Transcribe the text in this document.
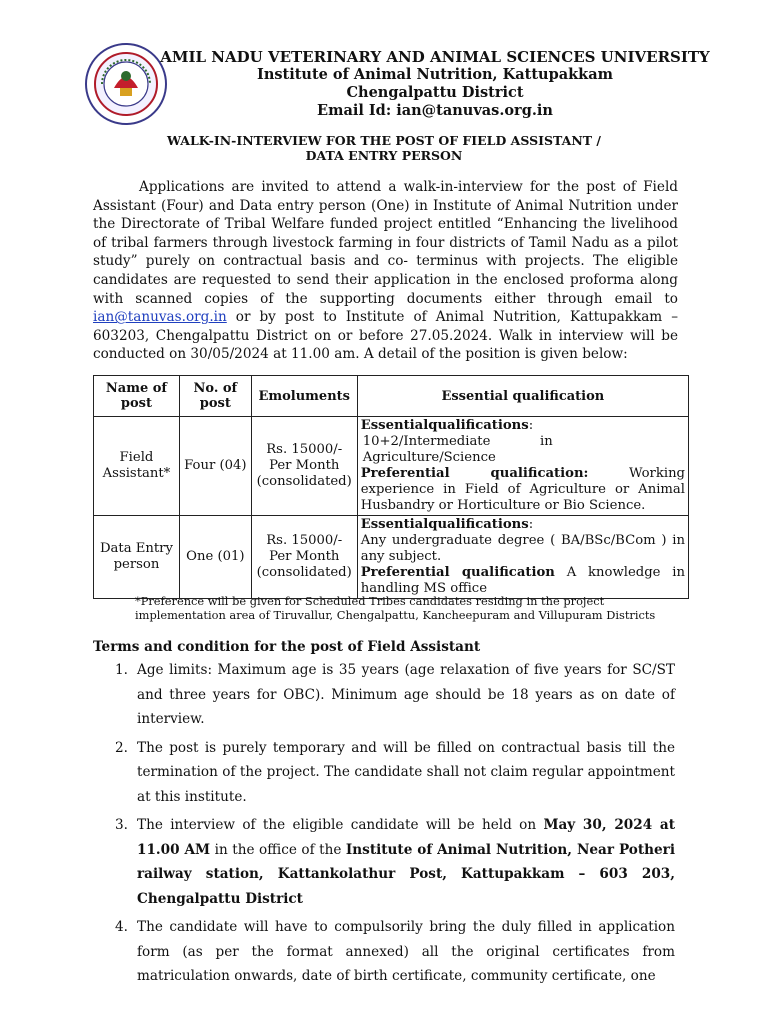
AMIL NADU VETERINARY AND ANIMAL SCIENCES UNIVERSITY
Institute of Animal Nutrition, Kattupakkam
Chengalpattu District
Email Id: ian@tanuvas.org.in
WALK-IN-INTERVIEW FOR THE POST OF FIELD ASSISTANT /
DATA ENTRY PERSON
Applications are invited to attend a walk-in-interview for the post of Field Assistant (Four) and Data entry person (One) in Institute of Animal Nutrition under the Directorate of Tribal Welfare funded project entitled “Enhancing the livelihood of tribal farmers through livestock farming in four districts of Tamil Nadu as a pilot study” purely on contractual basis and co- terminus with projects. The eligible candidates are requested to send their application in the enclosed proforma along with scanned copies of the supporting documents either through email to ian@tanuvas.org.in or by post to Institute of Animal Nutrition, Kattupakkam – 603203, Chengalpattu District on or before 27.05.2024. Walk in interview will be conducted on 30/05/2024 at 11.00 am. A detail of the position is given below:
Name of post	No. of post	Emoluments	Essential qualification
Field Assistant*	Four (04)	Rs. 15000/- Per Month (consolidated)	Essentialqualifications:
10+2/Intermediate in Agriculture/Science
Preferential qualification: Working experience in Field of Agriculture or Animal Husbandry or Horticulture or Bio Science.

Data Entry person	One (01)	Rs. 15000/- Per Month (consolidated)	Essentialqualifications:
Any undergraduate degree ( BA/BSc/BCom ) in any subject.
Preferential qualification A knowledge in handling MS office
*Preference will be given for Scheduled Tribes candidates residing in the project implementation area of Tiruvallur, Chengalpattu, Kancheepuram and Villupuram Districts
Terms and condition for the post of Field Assistant
1. Age limits: Maximum age is 35 years (age relaxation of five years for SC/ST and three years for OBC). Minimum age should be 18 years as on date of interview.
2. The post is purely temporary and will be filled on contractual basis till the termination of the project. The candidate shall not claim regular appointment at this institute.
3. The interview of the eligible candidate will be held on May 30, 2024 at 11.00 AM in the office of the Institute of Animal Nutrition, Near Potheri railway station, Kattankolathur Post, Kattupakkam – 603 203, Chengalpattu District
4. The candidate will have to compulsorily bring the duly filled in application form (as per the format annexed) all the original certificates from matriculation onwards, date of birth certificate, community certificate, one
